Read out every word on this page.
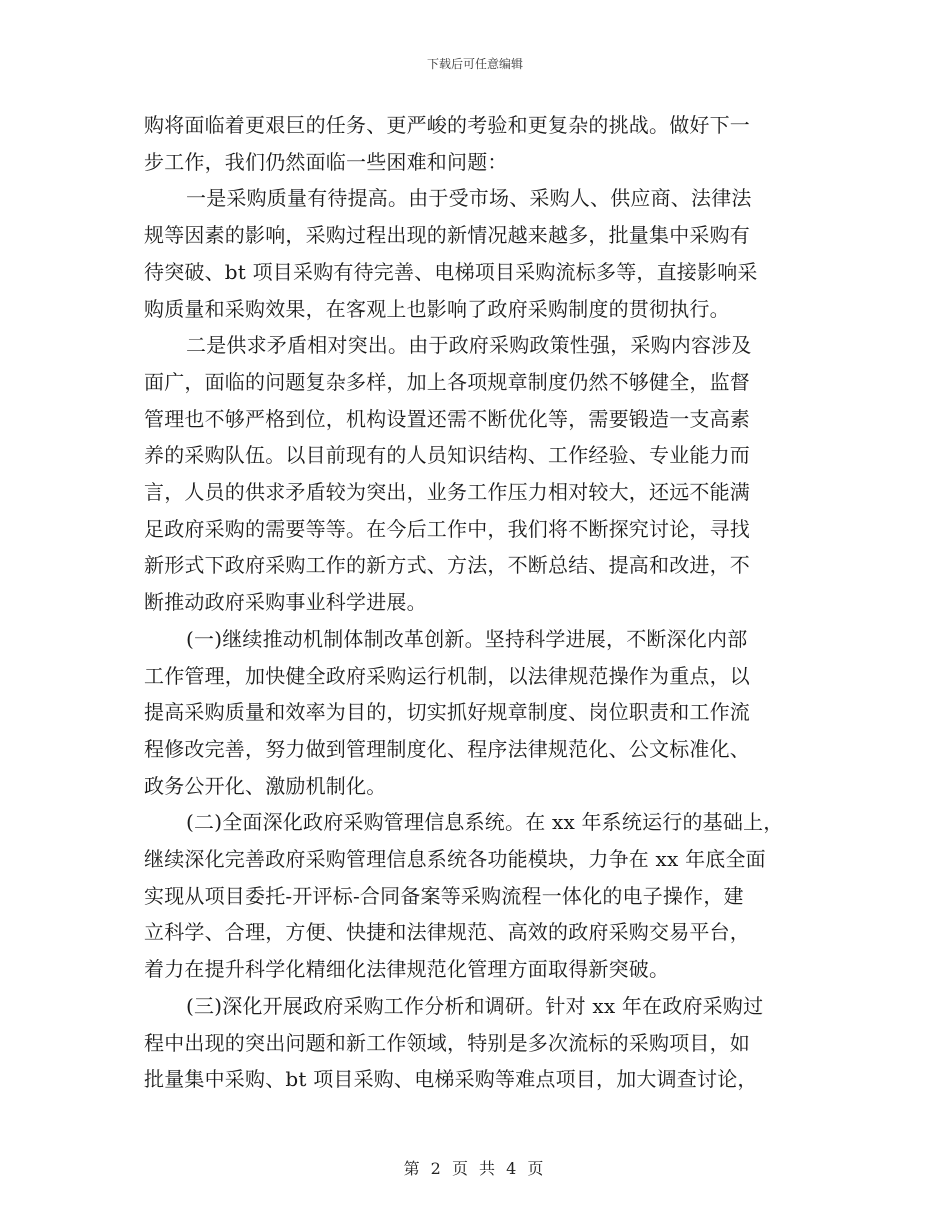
下载后可任意编辑
购将面临着更艰巨的任务、更严峻的考验和更复杂的挑战。做好下一
步工作，我们仍然面临一些困难和问题：
一是采购质量有待提高。由于受市场、采购人、供应商、法律法
规等因素的影响，采购过程出现的新情况越来越多，批量集中采购有
待突破、bt 项目采购有待完善、电梯项目采购流标多等，直接影响采
购质量和采购效果，在客观上也影响了政府采购制度的贯彻执行。
二是供求矛盾相对突出。由于政府采购政策性强，采购内容涉及
面广，面临的问题复杂多样，加上各项规章制度仍然不够健全，监督
管理也不够严格到位，机构设置还需不断优化等，需要锻造一支高素
养的采购队伍。以目前现有的人员知识结构、工作经验、专业能力而
言，人员的供求矛盾较为突出，业务工作压力相对较大，还远不能满
足政府采购的需要等等。在今后工作中，我们将不断探究讨论，寻找
新形式下政府采购工作的新方式、方法，不断总结、提高和改进，不
断推动政府采购事业科学进展。
(一)继续推动机制体制改革创新。坚持科学进展，不断深化内部
工作管理，加快健全政府采购运行机制，以法律规范操作为重点，以
提高采购质量和效率为目的，切实抓好规章制度、岗位职责和工作流
程修改完善，努力做到管理制度化、程序法律规范化、公文标准化、
政务公开化、激励机制化。
(二)全面深化政府采购管理信息系统。在 xx 年系统运行的基础上，
继续深化完善政府采购管理信息系统各功能模块，力争在 xx 年底全面
实现从项目委托-开评标-合同备案等采购流程一体化的电子操作，建
立科学、合理，方便、快捷和法律规范、高效的政府采购交易平台，
着力在提升科学化精细化法律规范化管理方面取得新突破。
(三)深化开展政府采购工作分析和调研。针对 xx 年在政府采购过
程中出现的突出问题和新工作领域，特别是多次流标的采购项目，如
批量集中采购、bt 项目采购、电梯采购等难点项目，加大调查讨论，
第 2 页 共 4 页
